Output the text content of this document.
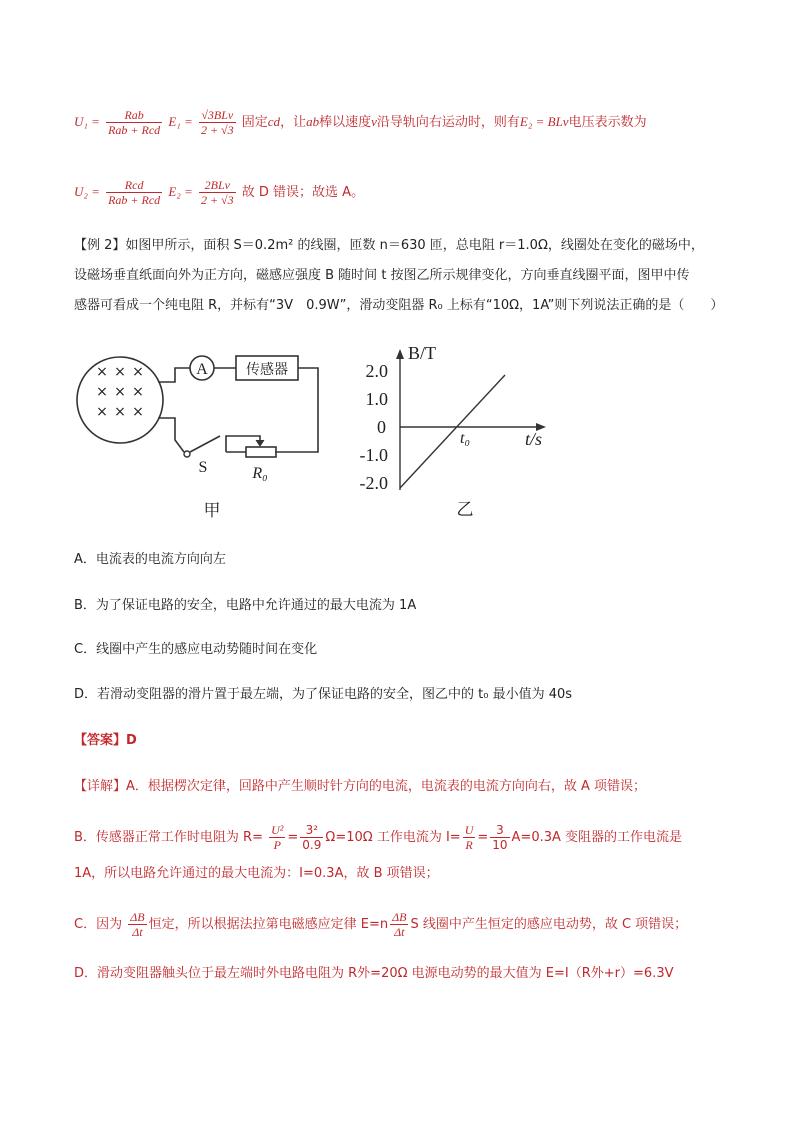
$U_1 = \frac{\text{Rab}}{\text{Rab + Rcd}} E_1 = \frac{\text{√3BLv}}{2 + √3}$ 固定cd，让ab棒以速度v沿导轨向右运动时，则有E₂ = BLv电压表示数为
$U_2 = \frac{\text{Rcd}}{\text{Rab + Rcd}} E_2 = \frac{\text{2BLv}}{2 + √3}$ 故 D 错误；故选 A。
【例 2】如图甲所示，面积 S＝0.2m² 的线圈，匝数 n＝630 匝，总电阻 r＝1.0Ω，线圈处在变化的磁场中，
设磁场垂直纸面向外为正方向，磁感应强度 B 随时间 t 按图乙所示规律变化，方向垂直线圈平面，图甲中传
感器可看成一个纯电阻 R，并标有“3V　0.9W”，滑动变阻器 R₀ 上标有“10Ω，1A”则下列说法正确的是（　　）
× × ×
× × ×
× × ×
A	传感器
S	R₀
甲
B/T
t/s
0
t₀
2.0
1.0
-1.0
-2.0
乙
A．电流表的电流方向向左
B．为了保证电路的安全，电路中允许通过的最大电流为 1A
C．线圈中产生的感应电动势随时间在变化
D．若滑动变阻器的滑片置于最左端，为了保证电路的安全，图乙中的 t₀ 最小值为 40s
【答案】D
【详解】A．根据楞次定律，回路中产生顺时针方向的电流，电流表的电流方向向右，故 A 项错误；
B．传感器正常工作时电阻为 $R= \frac{\text{U²}}{P} = \frac{\text{3²}}{0.9} \Omega=10\Omega$ 工作电流为 $I= \frac{U}{R} = \frac{3}{10} A=0.3A$ 变阻器的工作电流是
1A，所以电路允许通过的最大电流为：I=0.3A，故 B 项错误；
C．因为 $\frac{\Delta B}{\Delta t}$ 恒定，所以根据法拉第电磁感应定律 $E=n \frac{\Delta B}{\Delta t}$ S 线圈中产生恒定的感应电动势，故 C 项错误；
D．滑动变阻器触头位于最左端时外电路电阻为 R外=20Ω 电源电动势的最大值为 E=I（R外+r）=6.3V
